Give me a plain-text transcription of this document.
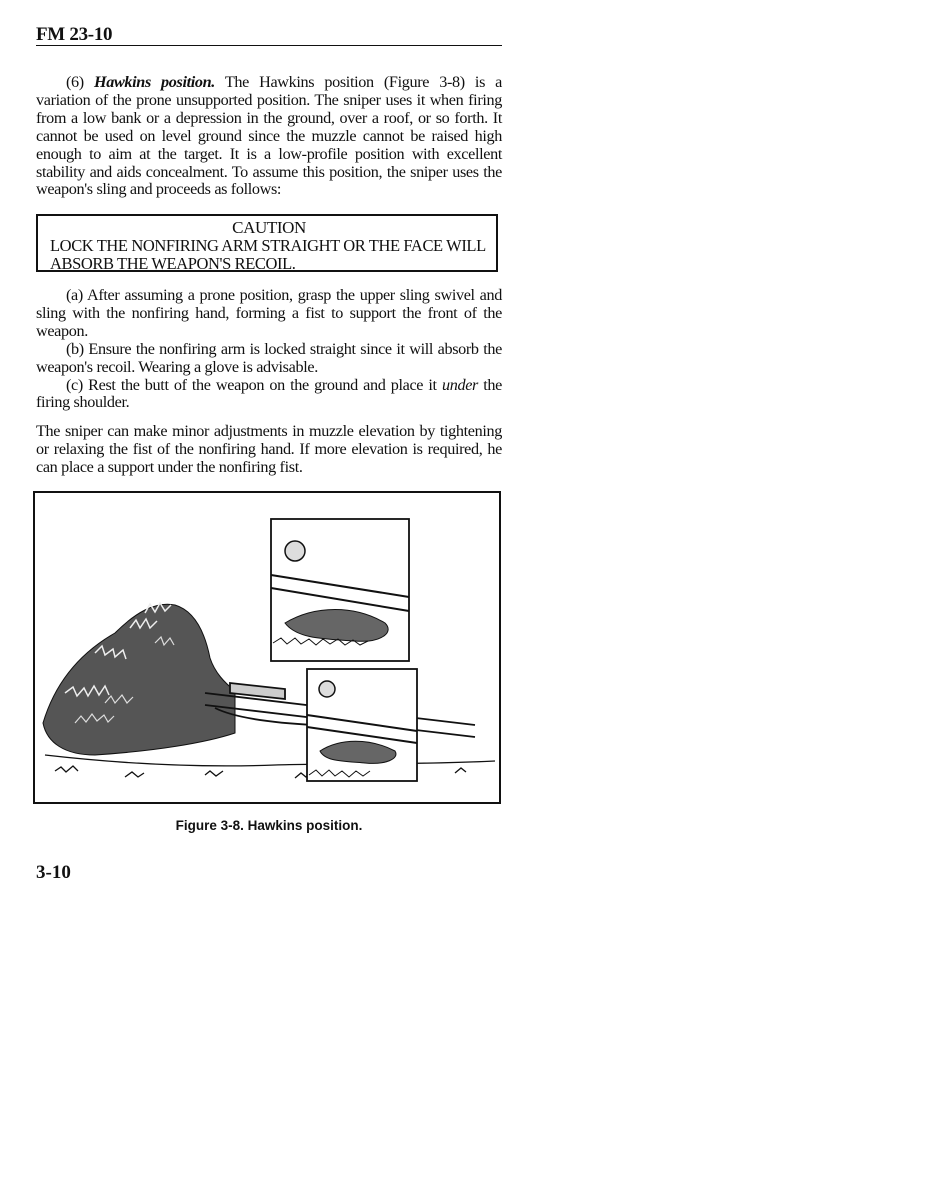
FM 23-10

(6) Hawkins position. The Hawkins position (Figure 3-8) is a variation of the prone unsupported position. The sniper uses it when firing from a low bank or a depression in the ground, over a roof, or so forth. It cannot be used on level ground since the muzzle cannot be raised high enough to aim at the target. It is a low-profile position with excellent stability and aids concealment. To assume this position, the sniper uses the weapon's sling and proceeds as follows:

CAUTION
LOCK THE NONFIRING ARM STRAIGHT OR THE FACE WILL ABSORB THE WEAPON'S RECOIL.

(a) After assuming a prone position, grasp the upper sling swivel and sling with the nonfiring hand, forming a fist to support the front of the weapon.

(b) Ensure the nonfiring arm is locked straight since it will absorb the weapon's recoil. Wearing a glove is advisable.

(c) Rest the butt of the weapon on the ground and place it under the firing shoulder.

The sniper can make minor adjustments in muzzle elevation by tightening or relaxing the fist of the nonfiring hand. If more elevation is required, he can place a support under the nonfiring fist.
Figure 3-8. Hawkins position.
3-10
